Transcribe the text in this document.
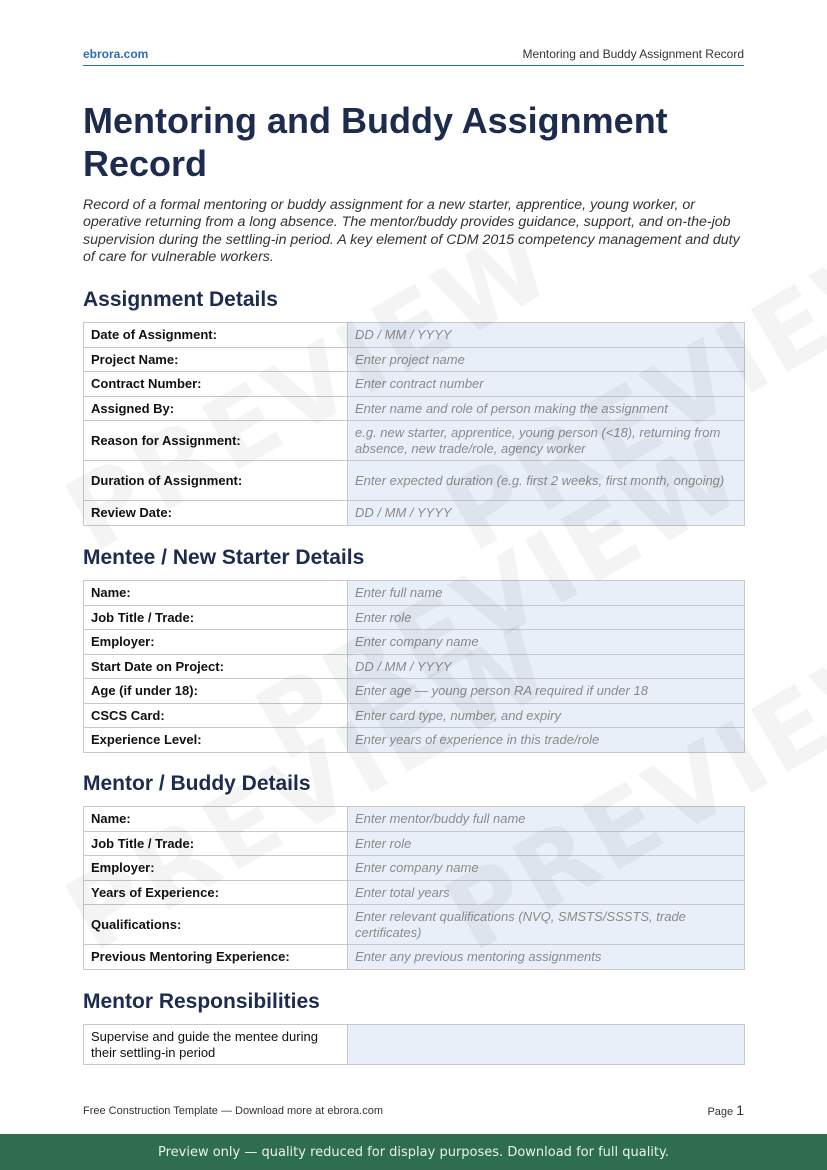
ebrora.com	Mentoring and Buddy Assignment Record
Mentoring and Buddy Assignment Record

Record of a formal mentoring or buddy assignment for a new starter, apprentice, young worker, or operative returning from a long absence. The mentor/buddy provides guidance, support, and on-the-job supervision during the settling-in period. A key element of CDM 2015 competency management and duty of care for vulnerable workers.

Assignment Details
Date of Assignment:	DD / MM / YYYY
Project Name:	Enter project name
Contract Number:	Enter contract number
Assigned By:	Enter name and role of person making the assignment
Reason for Assignment:	e.g. new starter, apprentice, young person (<18), returning from absence, new trade/role, agency worker
Duration of Assignment:	Enter expected duration (e.g. first 2 weeks, first month, ongoing)
Review Date:	DD / MM / YYYY
Mentee / New Starter Details
Name:	Enter full name
Job Title / Trade:	Enter role
Employer:	Enter company name
Start Date on Project:	DD / MM / YYYY
Age (if under 18):	Enter age — young person RA required if under 18
CSCS Card:	Enter card type, number, and expiry
Experience Level:	Enter years of experience in this trade/role
Mentor / Buddy Details
Name:	Enter mentor/buddy full name
Job Title / Trade:	Enter role
Employer:	Enter company name
Years of Experience:	Enter total years
Qualifications:	Enter relevant qualifications (NVQ, SMSTS/SSSTS, trade certificates)
Previous Mentoring Experience:	Enter any previous mentoring assignments
Mentor Responsibilities
Supervise and guide the mentee during their settling-in period	
Free Construction Template — Download more at ebrora.com	Page 1
Preview only — quality reduced for display purposes. Download for full quality.
